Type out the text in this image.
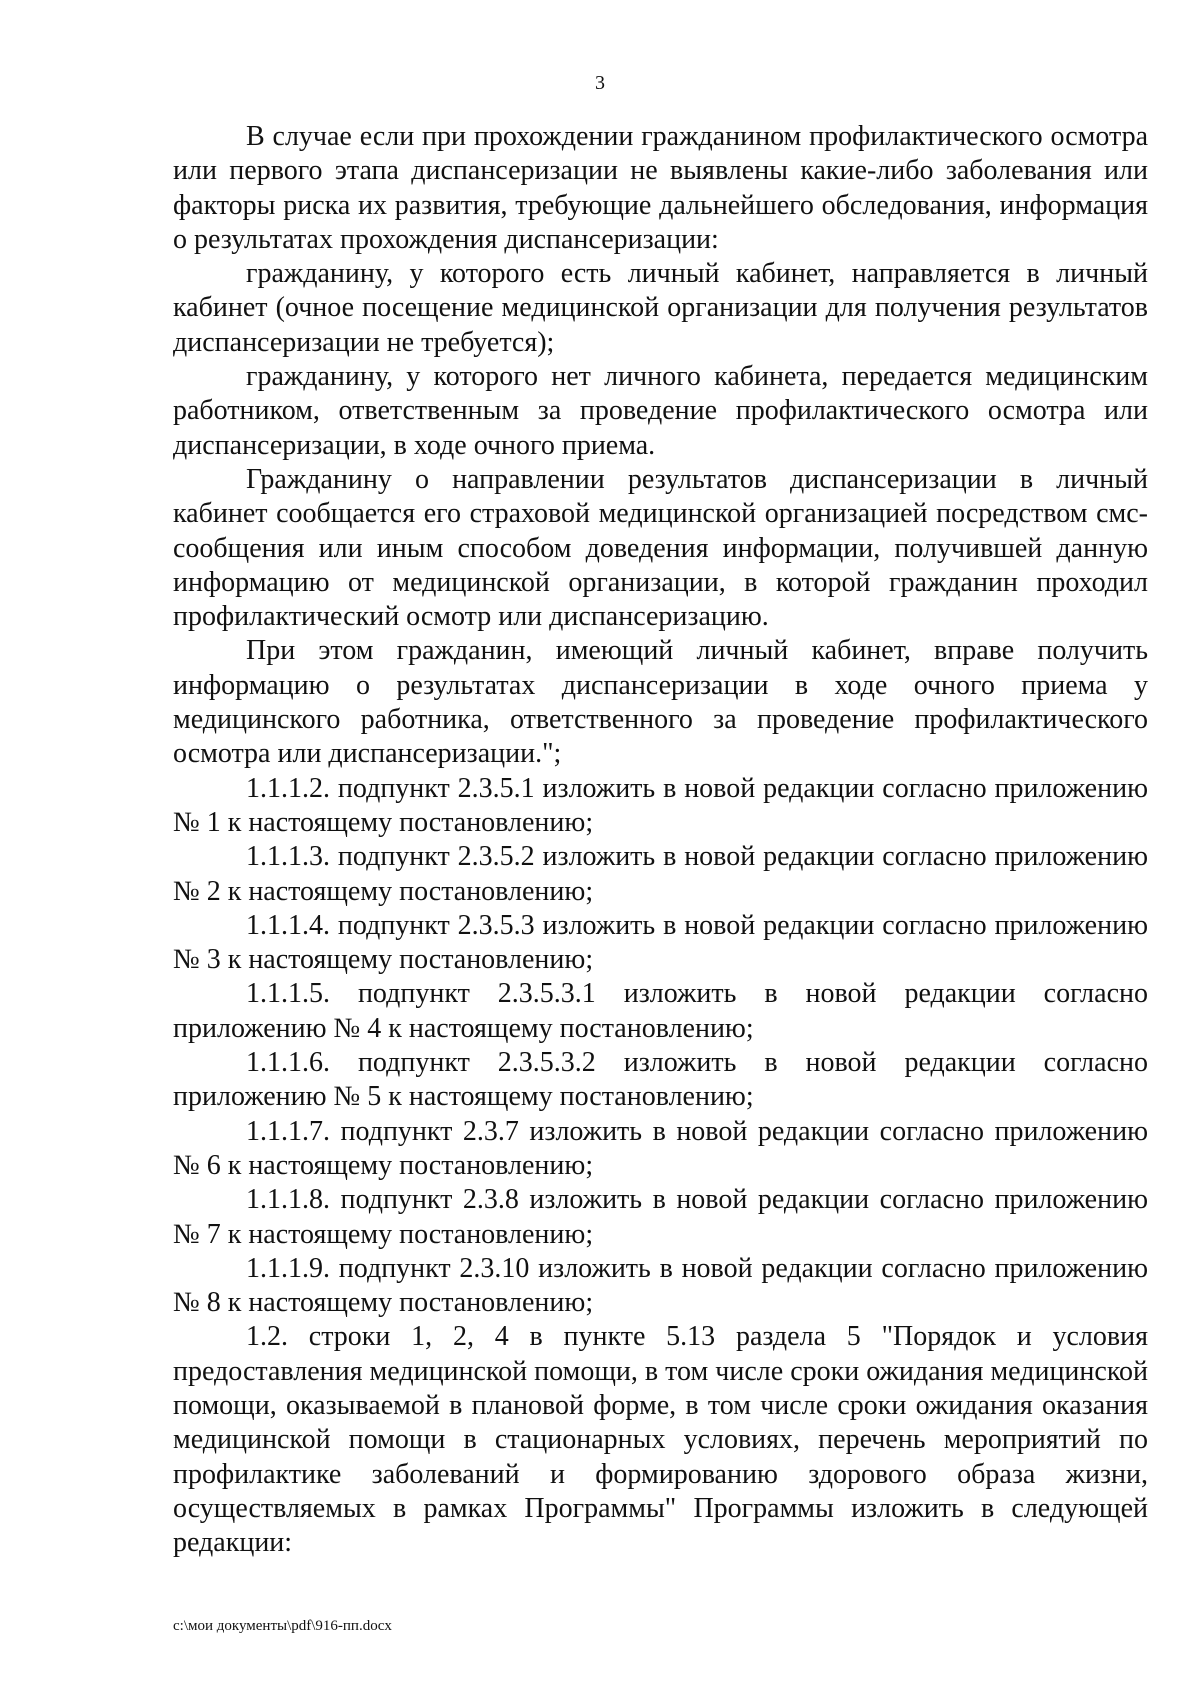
3

В случае если при прохождении гражданином профилактического осмотра или первого этапа диспансеризации не выявлены какие-либо заболевания или факторы риска их развития, требующие дальнейшего обследования, информация о результатах прохождения диспансеризации:

гражданину, у которого есть личный кабинет, направляется в личный кабинет (очное посещение медицинской организации для получения результатов диспансеризации не требуется);

гражданину, у которого нет личного кабинета, передается медицинским работником, ответственным за проведение профилактического осмотра или диспансеризации, в ходе очного приема.

Гражданину о направлении результатов диспансеризации в личный кабинет сообщается его страховой медицинской организацией посредством смс-сообщения или иным способом доведения информации, получившей данную информацию от медицинской организации, в которой гражданин проходил профилактический осмотр или диспансеризацию.

При этом гражданин, имеющий личный кабинет, вправе получить информацию о результатах диспансеризации в ходе очного приема у медицинского работника, ответственного за проведение профилактического осмотра или диспансеризации.";

1.1.1.2. подпункт 2.3.5.1 изложить в новой редакции согласно приложению № 1 к настоящему постановлению;

1.1.1.3. подпункт 2.3.5.2 изложить в новой редакции согласно приложению № 2 к настоящему постановлению;

1.1.1.4. подпункт 2.3.5.3 изложить в новой редакции согласно приложению № 3 к настоящему постановлению;

1.1.1.5. подпункт 2.3.5.3.1 изложить в новой редакции согласно приложению № 4 к настоящему постановлению;

1.1.1.6. подпункт 2.3.5.3.2 изложить в новой редакции согласно приложению № 5 к настоящему постановлению;

1.1.1.7. подпункт 2.3.7 изложить в новой редакции согласно приложению № 6 к настоящему постановлению;

1.1.1.8. подпункт 2.3.8 изложить в новой редакции согласно приложению № 7 к настоящему постановлению;

1.1.1.9. подпункт 2.3.10 изложить в новой редакции согласно приложению № 8 к настоящему постановлению;

1.2. строки 1, 2, 4 в пункте 5.13 раздела 5 "Порядок и условия предоставления медицинской помощи, в том числе сроки ожидания медицинской помощи, оказываемой в плановой форме, в том числе сроки ожидания оказания медицинской помощи в стационарных условиях, перечень мероприятий по профилактике заболеваний и формированию здорового образа жизни, осуществляемых в рамках Программы" Программы изложить в следующей редакции:

c:\мои документы\pdf\916-пп.docx
